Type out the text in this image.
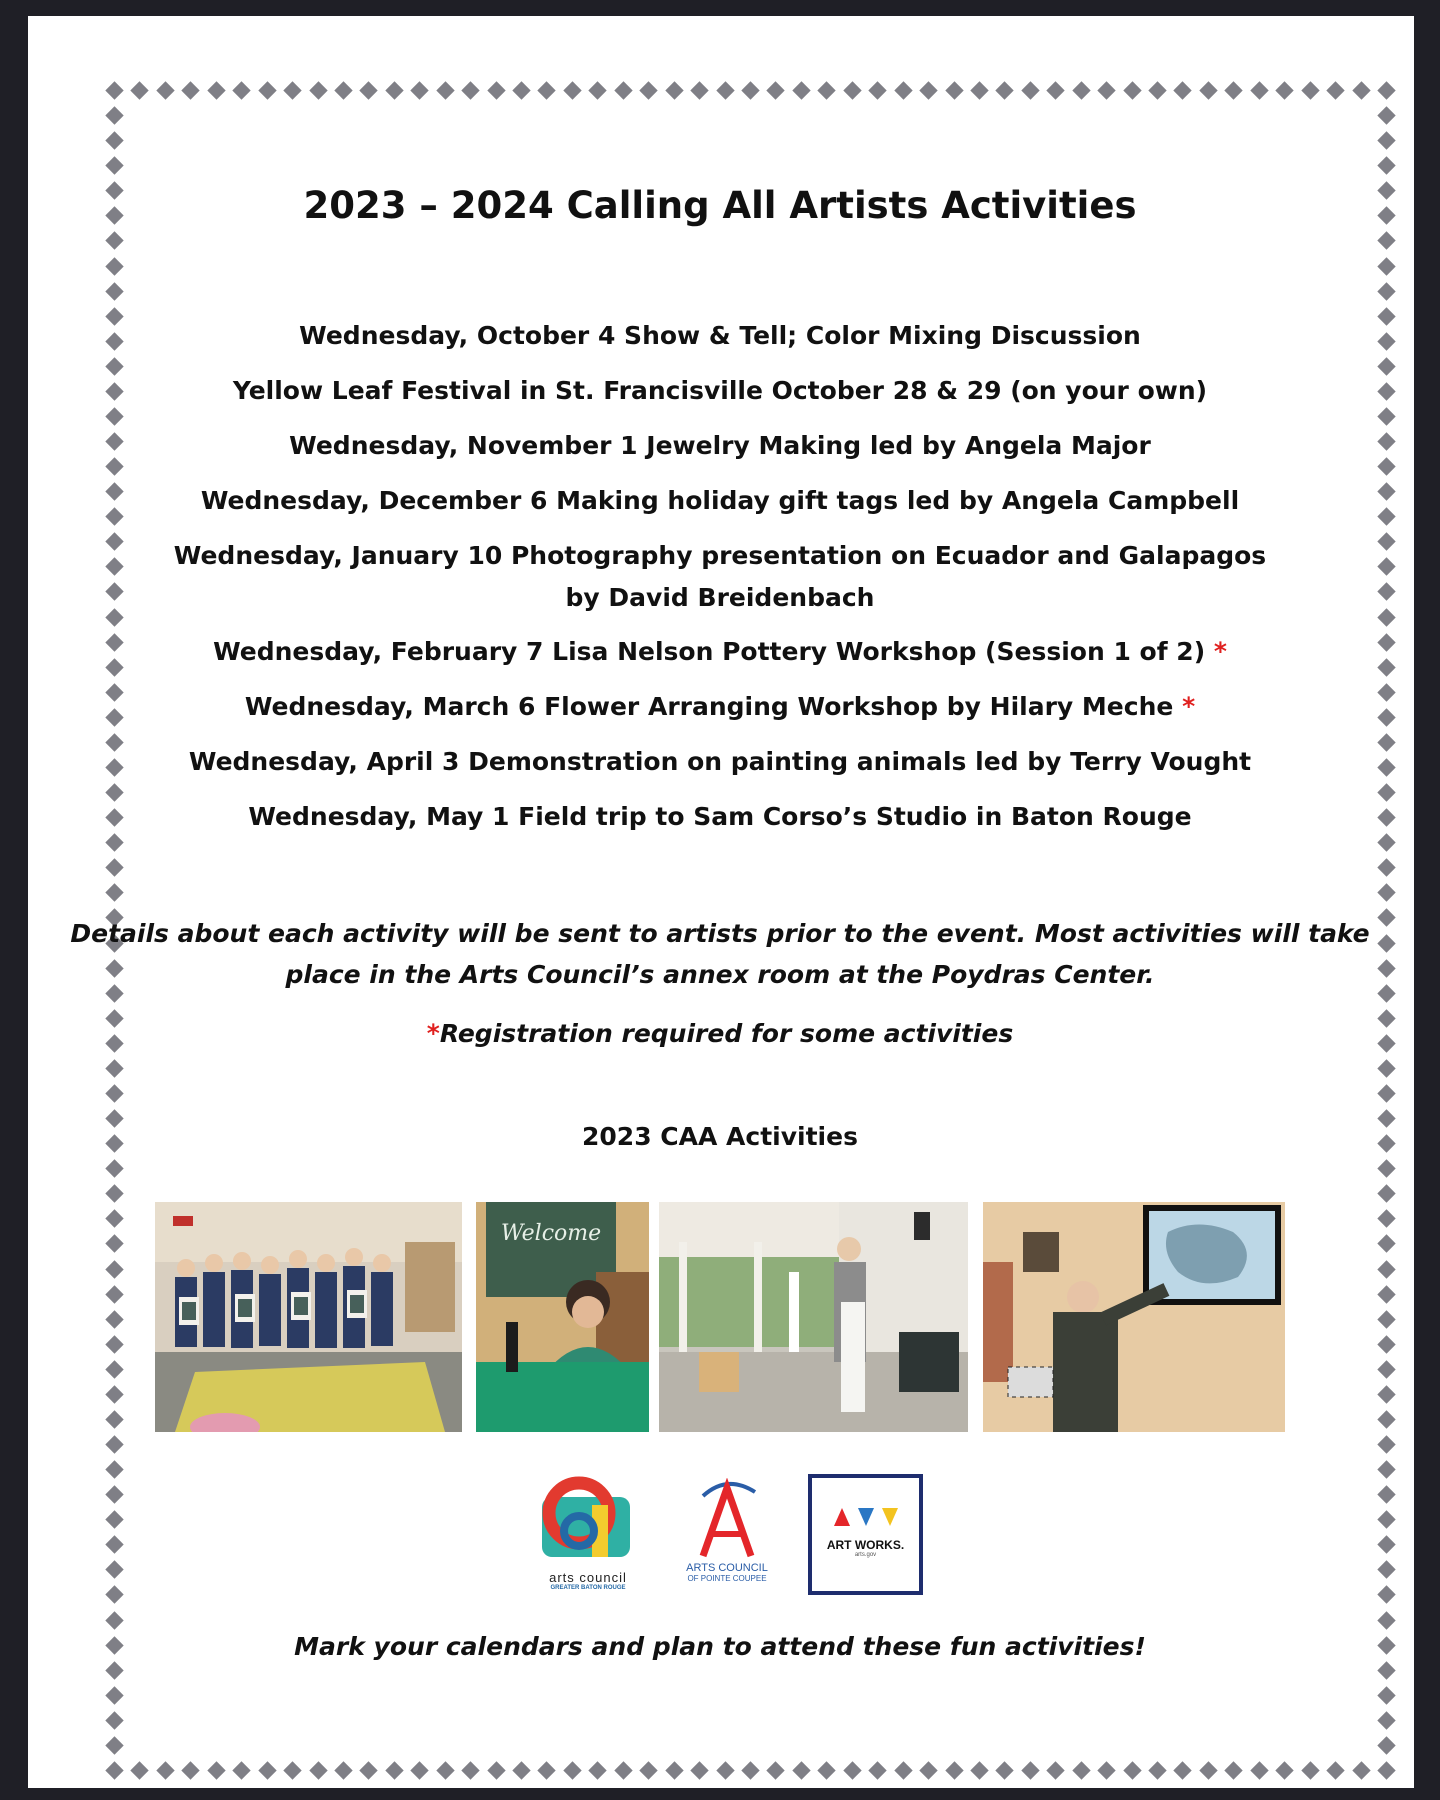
2023 – 2024 Calling All Artists Activities
Wednesday, October 4 Show & Tell; Color Mixing Discussion
Yellow Leaf Festival in St. Francisville October 28 & 29 (on your own)
Wednesday, November 1 Jewelry Making led by Angela Major
Wednesday, December 6 Making holiday gift tags led by Angela Campbell
Wednesday, January 10 Photography presentation on Ecuador and Galapagos
by David Breidenbach
Wednesday, February 7 Lisa Nelson Pottery Workshop (Session 1 of 2) *
Wednesday, March 6 Flower Arranging Workshop by Hilary Meche *
Wednesday, April 3 Demonstration on painting animals led by Terry Vought
Wednesday, May 1 Field trip to Sam Corso’s Studio in Baton Rouge
Details about each activity will be sent to artists prior to the event. Most activities will take
place in the Arts Council’s annex room at the Poydras Center.
*Registration required for some activities
2023 CAA Activities
Welcome
arts council
GREATER BATON ROUGE
ARTS COUNCIL
OF POINTE COUPEE
ART WORKS.
arts.gov
Mark your calendars and plan to attend these fun activities!
